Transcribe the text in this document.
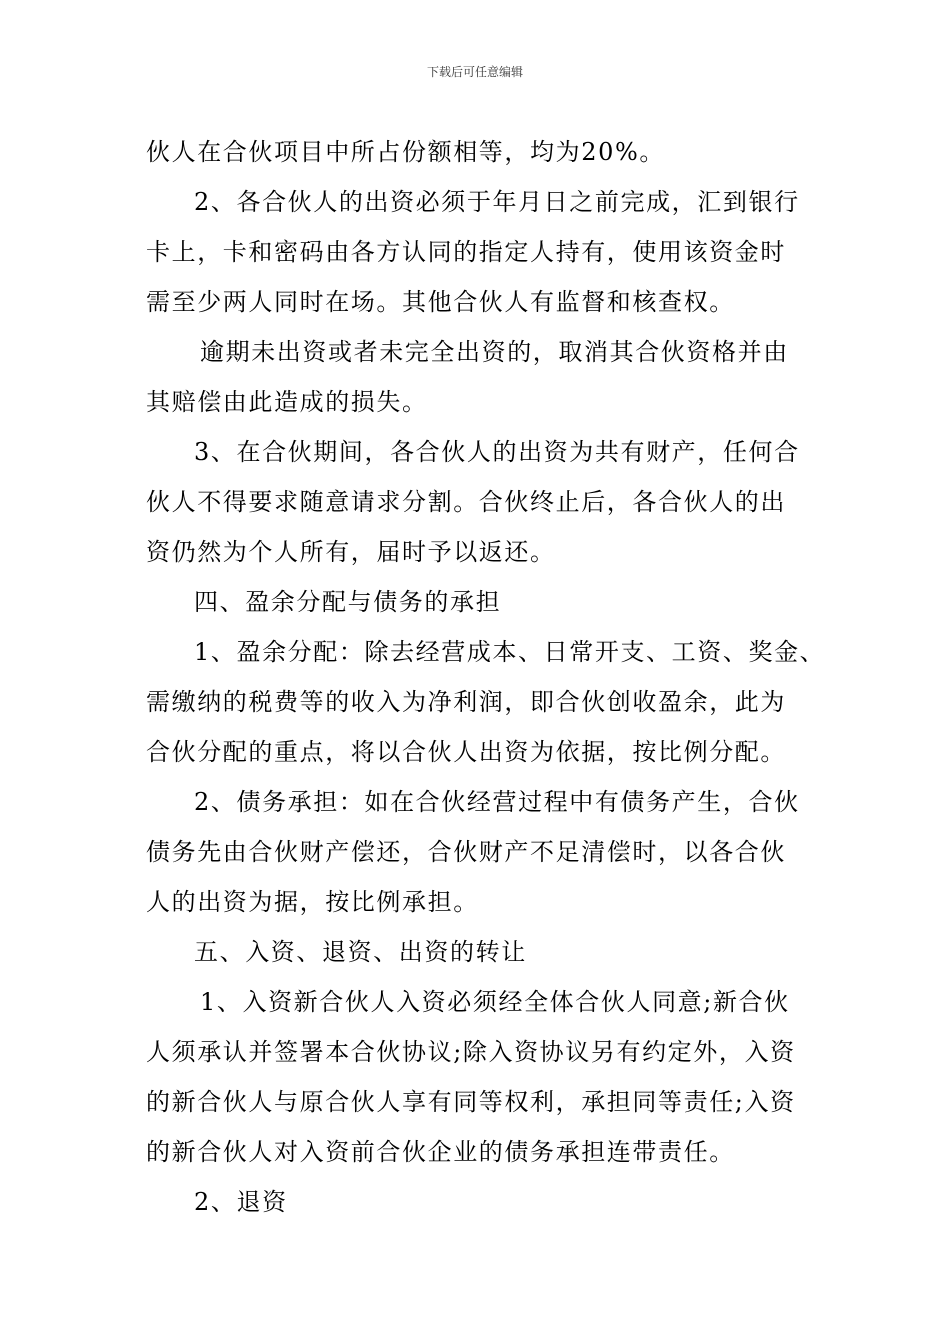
下载后可任意编辑
伙人在合伙项目中所占份额相等，均为20%。
2、各合伙人的出资必须于年月日之前完成，汇到银行
卡上，卡和密码由各方认同的指定人持有，使用该资金时
需至少两人同时在场。其他合伙人有监督和核查权。
逾期未出资或者未完全出资的，取消其合伙资格并由
其赔偿由此造成的损失。
3、在合伙期间，各合伙人的出资为共有财产，任何合
伙人不得要求随意请求分割。合伙终止后，各合伙人的出
资仍然为个人所有，届时予以返还。
四、盈余分配与债务的承担
1、盈余分配：除去经营成本、日常开支、工资、奖金、
需缴纳的税费等的收入为净利润，即合伙创收盈余，此为
合伙分配的重点，将以合伙人出资为依据，按比例分配。
2、债务承担：如在合伙经营过程中有债务产生，合伙
债务先由合伙财产偿还，合伙财产不足清偿时，以各合伙
人的出资为据，按比例承担。
五、入资、退资、出资的转让
1、入资新合伙人入资必须经全体合伙人同意;新合伙
人须承认并签署本合伙协议;除入资协议另有约定外，入资
的新合伙人与原合伙人享有同等权利，承担同等责任;入资
的新合伙人对入资前合伙企业的债务承担连带责任。
2、退资
